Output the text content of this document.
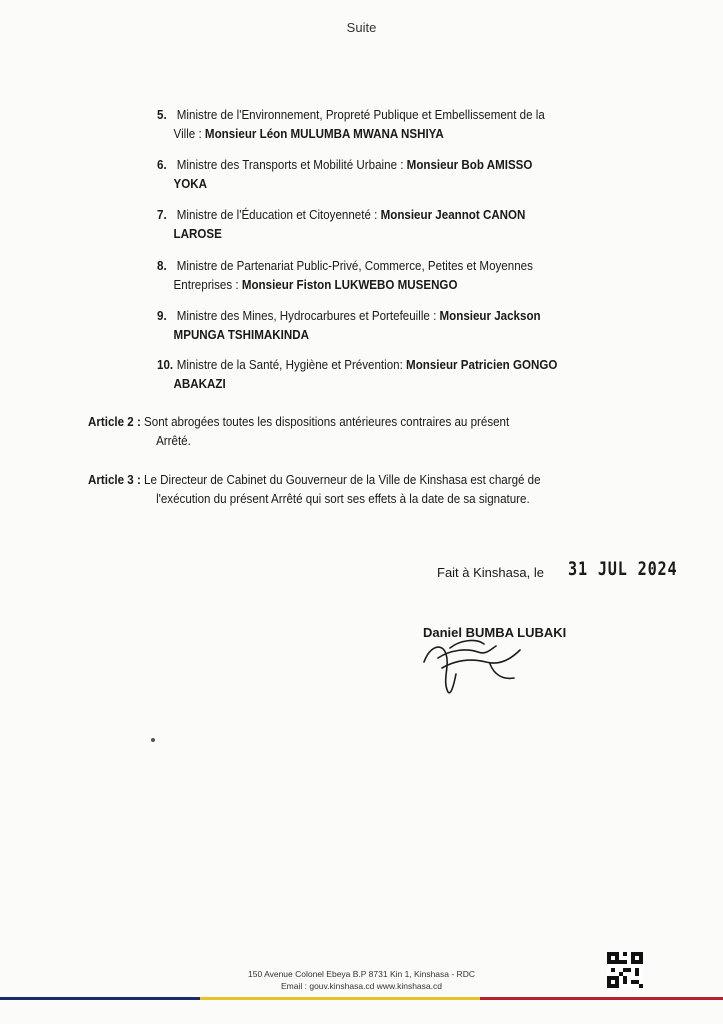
Suite
5. Ministre de l'Environnement, Propreté Publique et Embellissement de la
Ville : Monsieur Léon MULUMBA MWANA NSHIYA
6. Ministre des Transports et Mobilité Urbaine : Monsieur Bob AMISSO
YOKA
7. Ministre de l'Éducation et Citoyenneté : Monsieur Jeannot CANON
LAROSE
8. Ministre de Partenariat Public-Privé, Commerce, Petites et Moyennes
Entreprises : Monsieur Fiston LUKWEBO MUSENGO
9. Ministre des Mines, Hydrocarbures et Portefeuille : Monsieur Jackson
MPUNGA TSHIMAKINDA
10. Ministre de la Santé, Hygiène et Prévention: Monsieur Patricien GONGO
ABAKAZI
Article 2 : Sont abrogées toutes les dispositions antérieures contraires au présent
Arrêté.
Article 3 : Le Directeur de Cabinet du Gouverneur de la Ville de Kinshasa est chargé de
l'exécution du présent Arrêté qui sort ses effets à la date de sa signature.
Fait à Kinshasa, le 31 JUL 2024
Daniel BUMBA LUBAKI
150 Avenue Colonel Ebeya B.P 8731 Kin 1, Kinshasa - RDC
Email : gouv.kinshasa.cd www.kinshasa.cd
